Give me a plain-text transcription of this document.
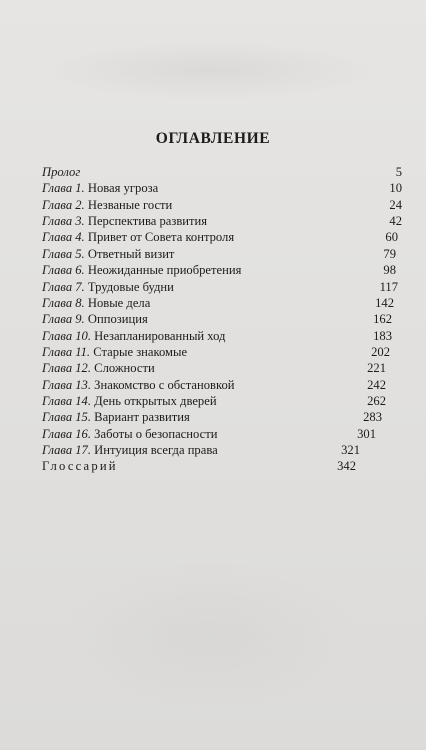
ОГЛАВЛЕНИЕ
Пролог	5
Глава 1. Новая угроза	10
Глава 2. Незваные гости	24
Глава 3. Перспектива развития	42
Глава 4. Привет от Совета контроля	60
Глава 5. Ответный визит	79
Глава 6. Неожиданные приобретения	98
Глава 7. Трудовые будни	117
Глава 8. Новые дела	142
Глава 9. Оппозиция	162
Глава 10. Незапланированный ход	183
Глава 11. Старые знакомые	202
Глава 12. Сложности	221
Глава 13. Знакомство с обстановкой	242
Глава 14. День открытых дверей	262
Глава 15. Вариант развития	283
Глава 16. Заботы о безопасности	301
Глава 17. Интуиция всегда права	321
Глоссарий	342
